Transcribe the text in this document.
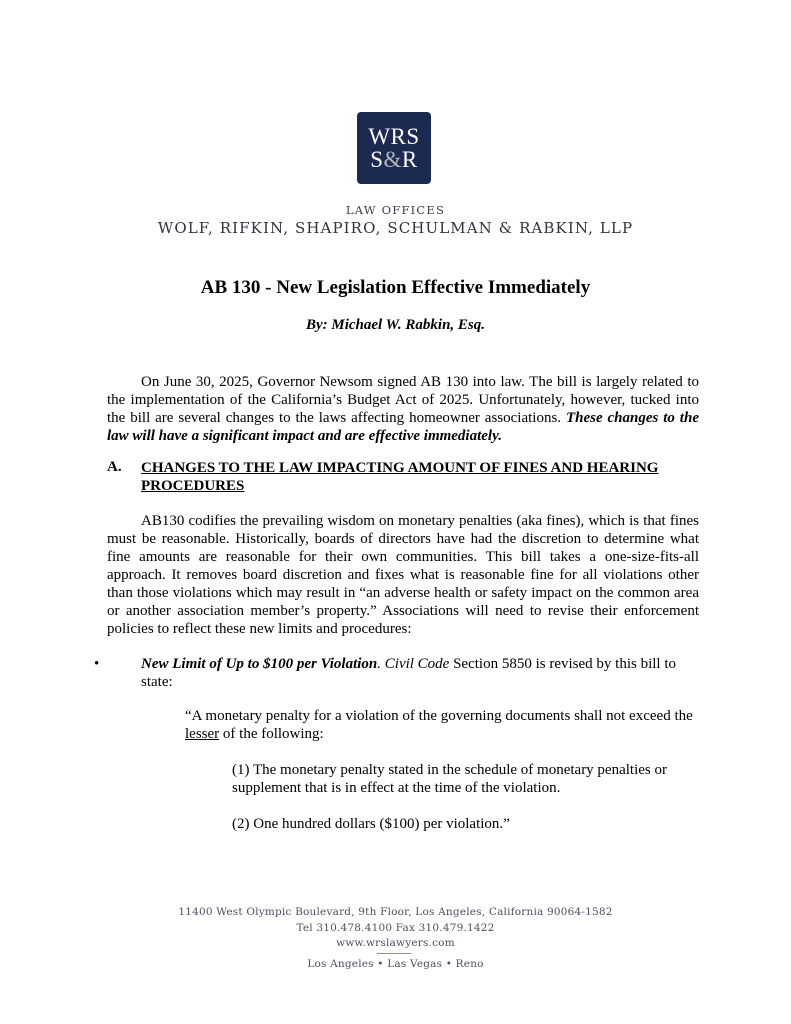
WRS
S&R
LAW OFFICES
WOLF, RIFKIN, SHAPIRO, SCHULMAN & RABKIN, LLP
AB 130 - New Legislation Effective Immediately
By: Michael W. Rabkin, Esq.
On June 30, 2025, Governor Newsom signed AB 130 into law. The bill is largely related to the implementation of the California’s Budget Act of 2025. Unfortunately, however, tucked into the bill are several changes to the laws affecting homeowner associations. These changes to the law will have a significant impact and are effective immediately.
A. CHANGES TO THE LAW IMPACTING AMOUNT OF FINES AND HEARING PROCEDURES
AB130 codifies the prevailing wisdom on monetary penalties (aka fines), which is that fines must be reasonable. Historically, boards of directors have had the discretion to determine what fine amounts are reasonable for their own communities. This bill takes a one-size-fits-all approach. It removes board discretion and fixes what is reasonable fine for all violations other than those violations which may result in “an adverse health or safety impact on the common area or another association member’s property.” Associations will need to revise their enforcement policies to reflect these new limits and procedures:
•	New Limit of Up to $100 per Violation. Civil Code Section 5850 is revised by this bill to state:
“A monetary penalty for a violation of the governing documents shall not exceed the lesser of the following:
(1) The monetary penalty stated in the schedule of monetary penalties or supplement that is in effect at the time of the violation.
(2) One hundred dollars ($100) per violation.”
11400 West Olympic Boulevard, 9th Floor, Los Angeles, California 90064-1582
Tel 310.478.4100 Fax 310.479.1422
www.wrslawyers.com
Los Angeles • Las Vegas • Reno
